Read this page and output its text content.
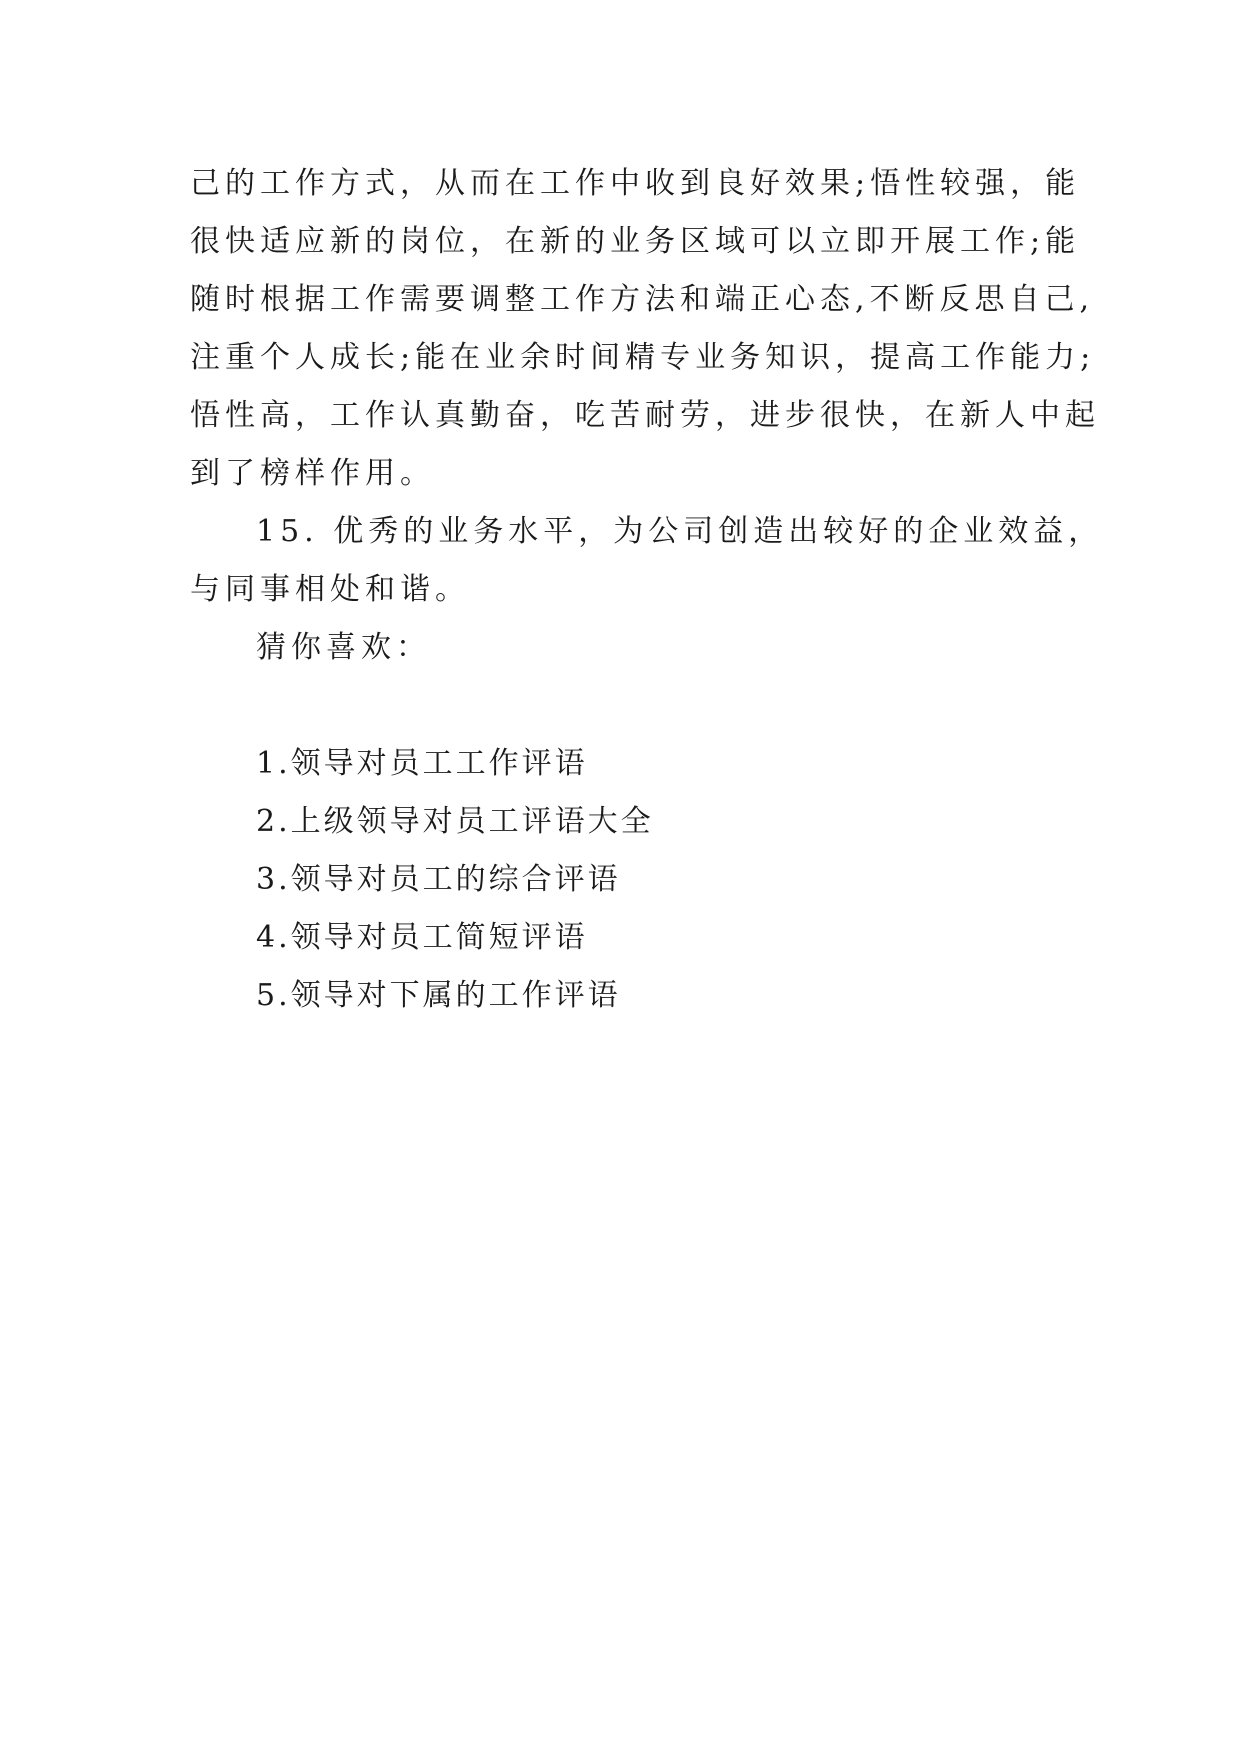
己的工作方式，从而在工作中收到良好效果;悟性较强，能
很快适应新的岗位，在新的业务区域可以立即开展工作;能
随时根据工作需要调整工作方法和端正心态,不断反思自己,
注重个人成长;能在业余时间精专业务知识，提高工作能力;
悟性高，工作认真勤奋，吃苦耐劳，进步很快，在新人中起
到了榜样作用。
15. 优秀的业务水平，为公司创造出较好的企业效益，
与同事相处和谐。
猜你喜欢：
1.领导对员工工作评语
2.上级领导对员工评语大全
3.领导对员工的综合评语
4.领导对员工简短评语
5.领导对下属的工作评语
